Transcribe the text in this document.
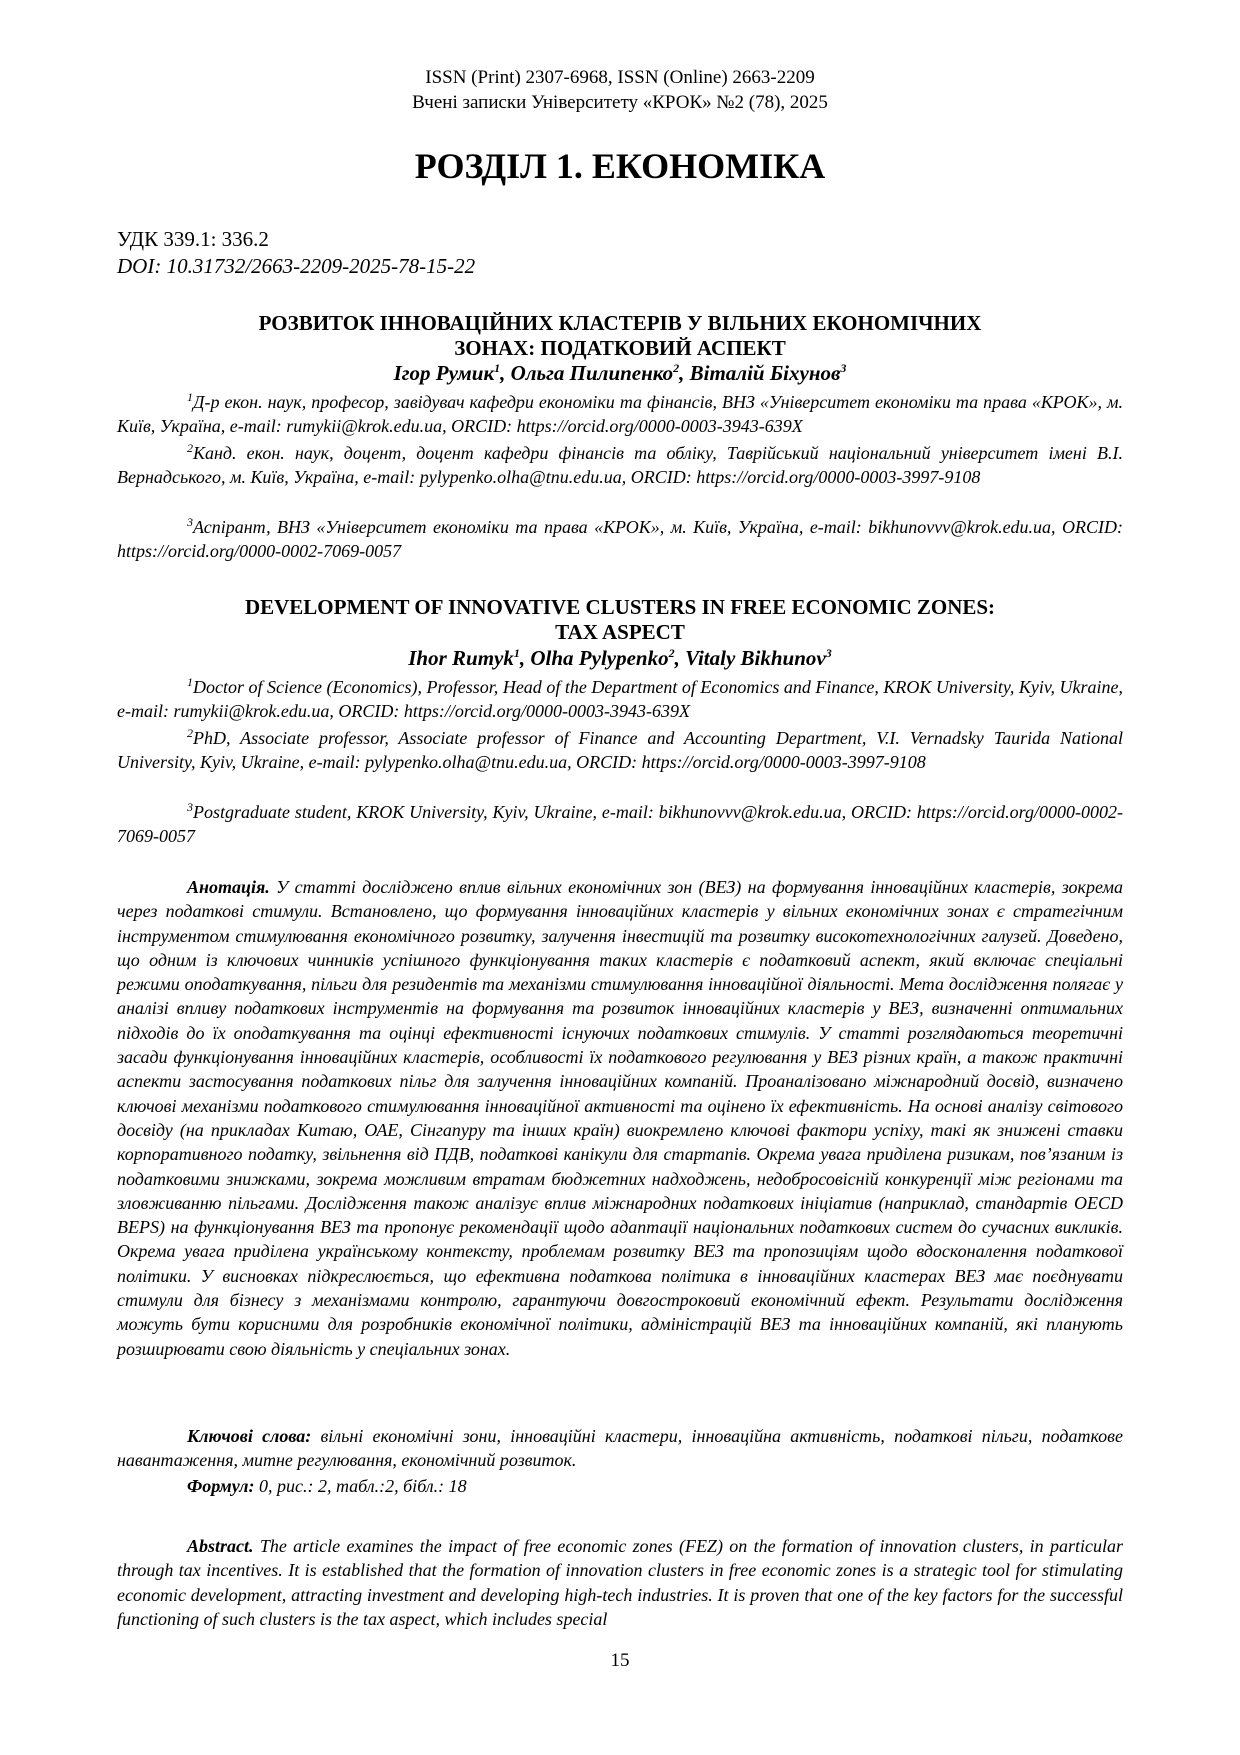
ISSN (Print) 2307-6968, ISSN (Online) 2663-2209
Вчені записки Університету «КРОК» №2 (78), 2025
РОЗДІЛ 1. ЕКОНОМІКА
УДК 339.1: 336.2
DOI: 10.31732/2663-2209-2025-78-15-22
РОЗВИТОК ІННОВАЦІЙНИХ КЛАСТЕРІВ У ВІЛЬНИХ ЕКОНОМІЧНИХ
ЗОНАХ: ПОДАТКОВИЙ АСПЕКТ
Ігор Румик$^1$, Ольга Пилипенко$^2$, Віталій Біхунов$^3$
$^1$Д-р екон. наук, професор, завідувач кафедри економіки та фінансів, ВНЗ «Університет економіки та права «КРОК», м. Київ, Україна, e-mail: rumykii@krok.edu.ua, ORCID: https://orcid.org/0000-0003-3943-639X
$^2$Канд. екон. наук, доцент, доцент кафедри фінансів та обліку, Таврійський національний університет імені В.І. Вернадського, м. Київ, Україна, e-mail: pylypenko.olha@tnu.edu.ua, ORCID: https://orcid.org/0000-0003-3997-9108
$^3$Аспірант, ВНЗ «Університет економіки та права «КРОК», м. Київ, Україна, e-mail: bikhunovvv@krok.edu.ua, ORCID: https://orcid.org/0000-0002-7069-0057
DEVELOPMENT OF INNOVATIVE CLUSTERS IN FREE ECONOMIC ZONES:
TAX ASPECT
Ihor Rumyk$^1$, Olha Pylypenko$^2$, Vitaly Bikhunov$^3$
$^1$Doctor of Science (Economics), Professor, Head of the Department of Economics and Finance, KROK University, Kyiv, Ukraine, e-mail: rumykii@krok.edu.ua, ORCID: https://orcid.org/0000-0003-3943-639X
$^2$PhD, Associate professor, Associate professor of Finance and Accounting Department, V.I. Vernadsky Taurida National University, Kyiv, Ukraine, e-mail: pylypenko.olha@tnu.edu.ua, ORCID: https://orcid.org/0000-0003-3997-9108
$^3$Postgraduate student, KROK University, Kyiv, Ukraine, e-mail: bikhunovvv@krok.edu.ua, ORCID: https://orcid.org/0000-0002-7069-0057
Анотація. У статті досліджено вплив вільних економічних зон (ВЕЗ) на формування інноваційних кластерів, зокрема через податкові стимули. Встановлено, що формування інноваційних кластерів у вільних економічних зонах є стратегічним інструментом стимулювання економічного розвитку, залучення інвестицій та розвитку високотехнологічних галузей. Доведено, що одним із ключових чинників успішного функціонування таких кластерів є податковий аспект, який включає спеціальні режими оподаткування, пільги для резидентів та механізми стимулювання інноваційної діяльності. Мета дослідження полягає у аналізі впливу податкових інструментів на формування та розвиток інноваційних кластерів у ВЕЗ, визначенні оптимальних підходів до їх оподаткування та оцінці ефективності існуючих податкових стимулів. У статті розглядаються теоретичні засади функціонування інноваційних кластерів, особливості їх податкового регулювання у ВЕЗ різних країн, а також практичні аспекти застосування податкових пільг для залучення інноваційних компаній. Проаналізовано міжнародний досвід, визначено ключові механізми податкового стимулювання інноваційної активності та оцінено їх ефективність. На основі аналізу світового досвіду (на прикладах Китаю, ОАЕ, Сінгапуру та інших країн) виокремлено ключові фактори успіху, такі як знижені ставки корпоративного податку, звільнення від ПДВ, податкові канікули для стартапів. Окрема увага приділена ризикам, пов’язаним із податковими знижками, зокрема можливим втратам бюджетних надходжень, недобросовісній конкуренції між регіонами та зловживанню пільгами. Дослідження також аналізує вплив міжнародних податкових ініціатив (наприклад, стандартів OECD BEPS) на функціонування ВЕЗ та пропонує рекомендації щодо адаптації національних податкових систем до сучасних викликів. Окрема увага приділена українському контексту, проблемам розвитку ВЕЗ та пропозиціям щодо вдосконалення податкової політики. У висновках підкреслюється, що ефективна податкова політика в інноваційних кластерах ВЕЗ має поєднувати стимули для бізнесу з механізмами контролю, гарантуючи довгостроковий економічний ефект. Результати дослідження можуть бути корисними для розробників економічної політики, адміністрацій ВЕЗ та інноваційних компаній, які планують розширювати свою діяльність у спеціальних зонах.
Ключові слова: вільні економічні зони, інноваційні кластери, інноваційна активність, податкові пільги, податкове навантаження, митне регулювання, економічний розвиток.
Формул: 0, рис.: 2, табл.:2, бібл.: 18
Abstract. The article examines the impact of free economic zones (FEZ) on the formation of innovation clusters, in particular through tax incentives. It is established that the formation of innovation clusters in free economic zones is a strategic tool for stimulating economic development, attracting investment and developing high-tech industries. It is proven that one of the key factors for the successful functioning of such clusters is the tax aspect, which includes special
15
